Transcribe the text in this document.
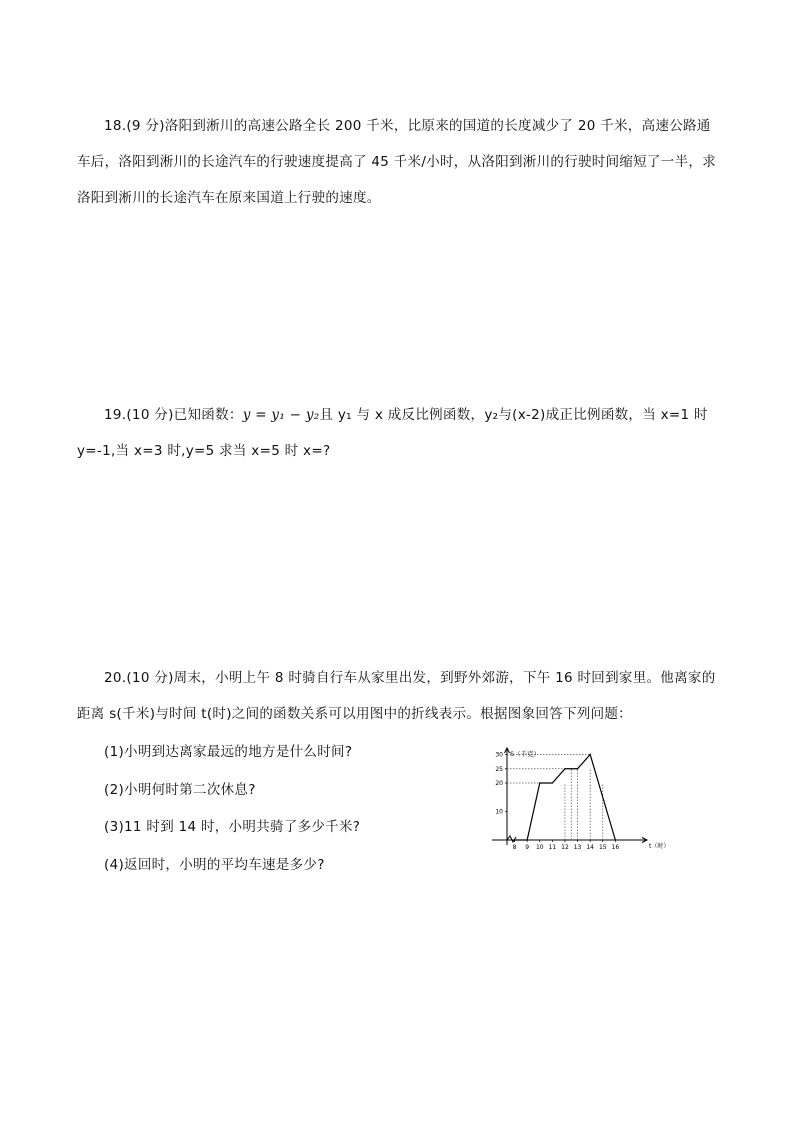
18.(9 分)洛阳到淅川的高速公路全长 200 千米，比原来的国道的长度减少了 20 千米，高速公路通车后，洛阳到淅川的长途汽车的行驶速度提高了 45 千米/小时，从洛阳到淅川的行驶时间缩短了一半，求洛阳到淅川的长途汽车在原来国道上行驶的速度。

19.(10 分)已知函数：y = y₁ − y₂且 y₁ 与 x 成反比例函数，y₂与(x-2)成正比例函数，当 x=1 时 y=-1,当 x=3 时,y=5 求当 x=5 时 x=?

20.(10 分)周末，小明上午 8 时骑自行车从家里出发，到野外郊游，下午 16 时回到家里。他离家的距离 s(千米)与时间 t(时)之间的函数关系可以用图中的折线表示。根据图象回答下列问题：

(1)小明到达离家最远的地方是什么时间?
(2)小明何时第二次休息?
(3)11 时到 14 时，小明共骑了多少千米?
(4)返回时，小明的平均车速是多少?
8 9 10 11 12 13 14 15 16
10
20
25
30 S（千克）
t（时）
